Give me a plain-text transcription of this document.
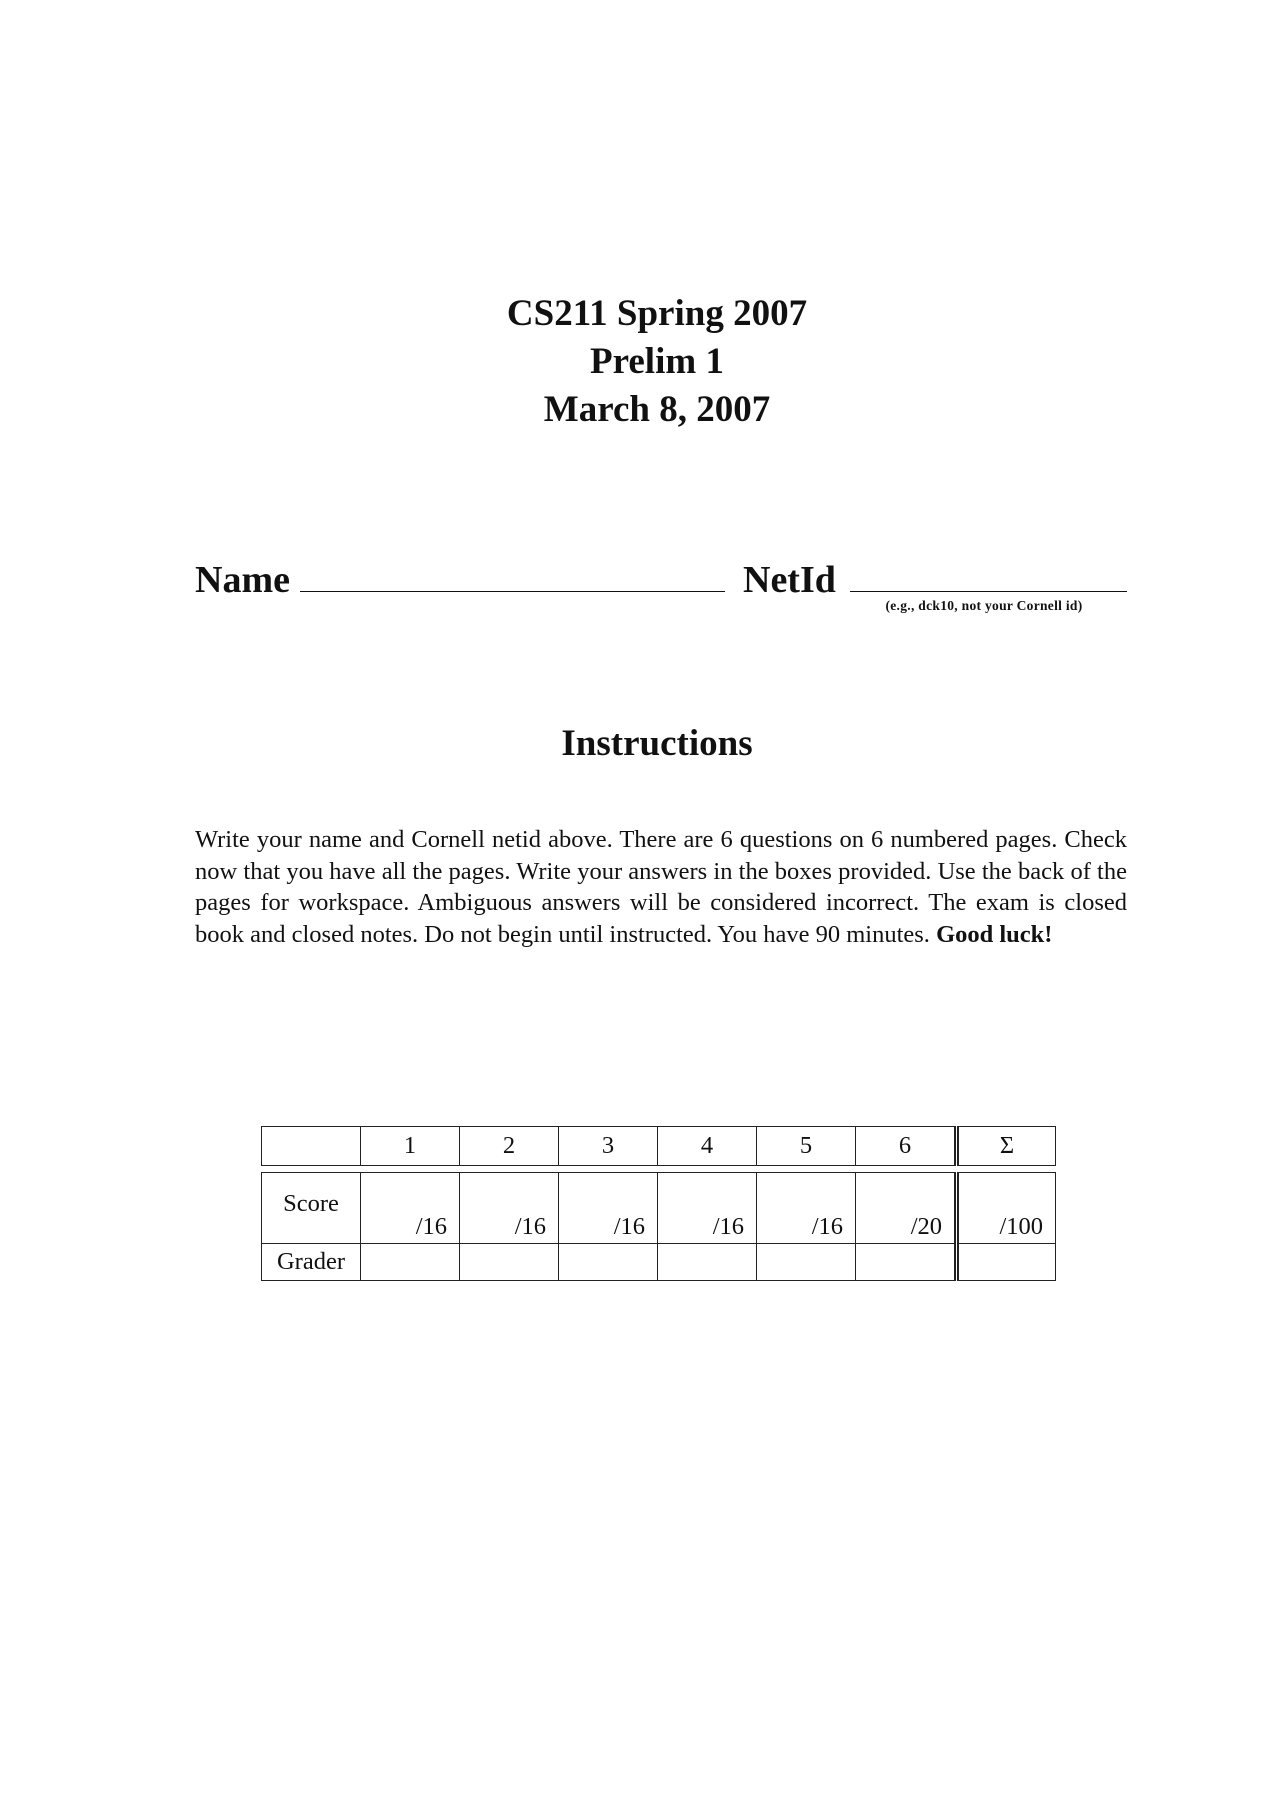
CS211 Spring 2007
Prelim 1
March 8, 2007
Name	NetId
(e.g., dck10, not your Cornell id)
Instructions
Write your name and Cornell netid above. There are 6 questions on 6 numbered pages. Check now that you have all the pages. Write your answers in the boxes provided. Use the back of the pages for workspace. Ambiguous answers will be considered incorrect. The exam is closed book and closed notes. Do not begin until instructed. You have 90 minutes. Good luck!
	1	2	3	4	5	6	Σ

Score	/16	/16	/16	/16	/16	/20	/100

Grader							
